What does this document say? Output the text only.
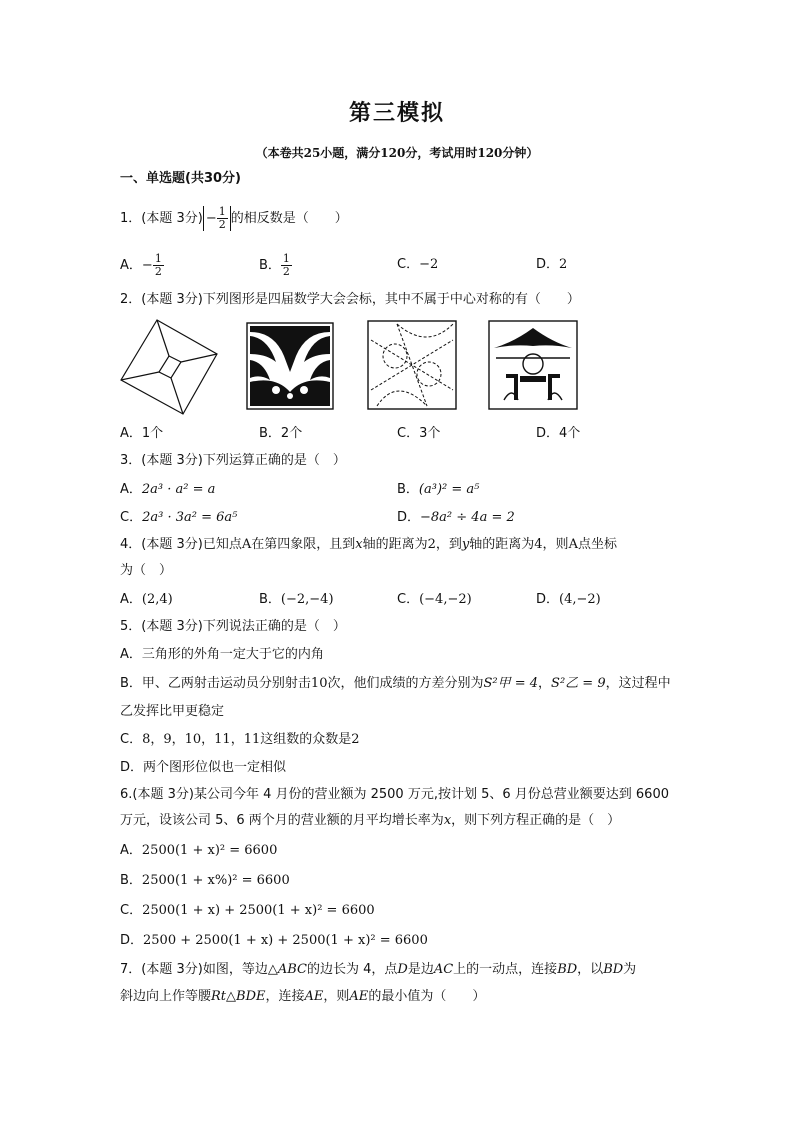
第三模拟
（本卷共25小题，满分120分，考试用时120分钟）
一、单选题(共30分)
1．(本题 3分) − $\frac{1}{2}$ 的相反数是（　　）
A．− $\frac{1}{2}$	B． $\frac{1}{2}$	C．−2	D．2
2．(本题 3分)下列图形是四届数学大会会标，其中不属于中心对称的有（　　）
A．1个	B．2个	C．3个	D．4个
3．(本题 3分)下列运算正确的是（　）
A．2a³ · a² = a	B．(a³)² = a⁵
C．2a³ · 3a² = 6a⁵	D．−8a² ÷ 4a = 2
4．(本题 3分)已知点A在第四象限，且到x轴的距离为2，到y轴的距离为4，则A点坐标
为（　）
A．(2,4)	B．(−2,−4)	C．(−4,−2)	D．(4,−2)
5．(本题 3分)下列说法正确的是（　）
A．三角形的外角一定大于它的内角
B．甲、乙两射击运动员分别射击10次，他们成绩的方差分别为S²甲 = 4，S²乙 = 9，这过程中
乙发挥比甲更稳定
C．8，9，10，11，11这组数的众数是2
D．两个图形位似也一定相似
6.(本题 3分)某公司今年 4 月份的营业额为 2500 万元,按计划 5、6 月份总营业额要达到 6600
万元，设该公司 5、6 两个月的营业额的月平均增长率为x，则下列方程正确的是（　）
A．2500(1 + x)² = 6600
B．2500(1 + x%)² = 6600
C．2500(1 + x) + 2500(1 + x)² = 6600
D．2500 + 2500(1 + x) + 2500(1 + x)² = 6600
7．(本题 3分)如图，等边△ABC的边长为 4，点D是边AC上的一动点，连接BD，以BD为
斜边向上作等腰Rt△BDE，连接AE，则AE的最小值为（　　）
